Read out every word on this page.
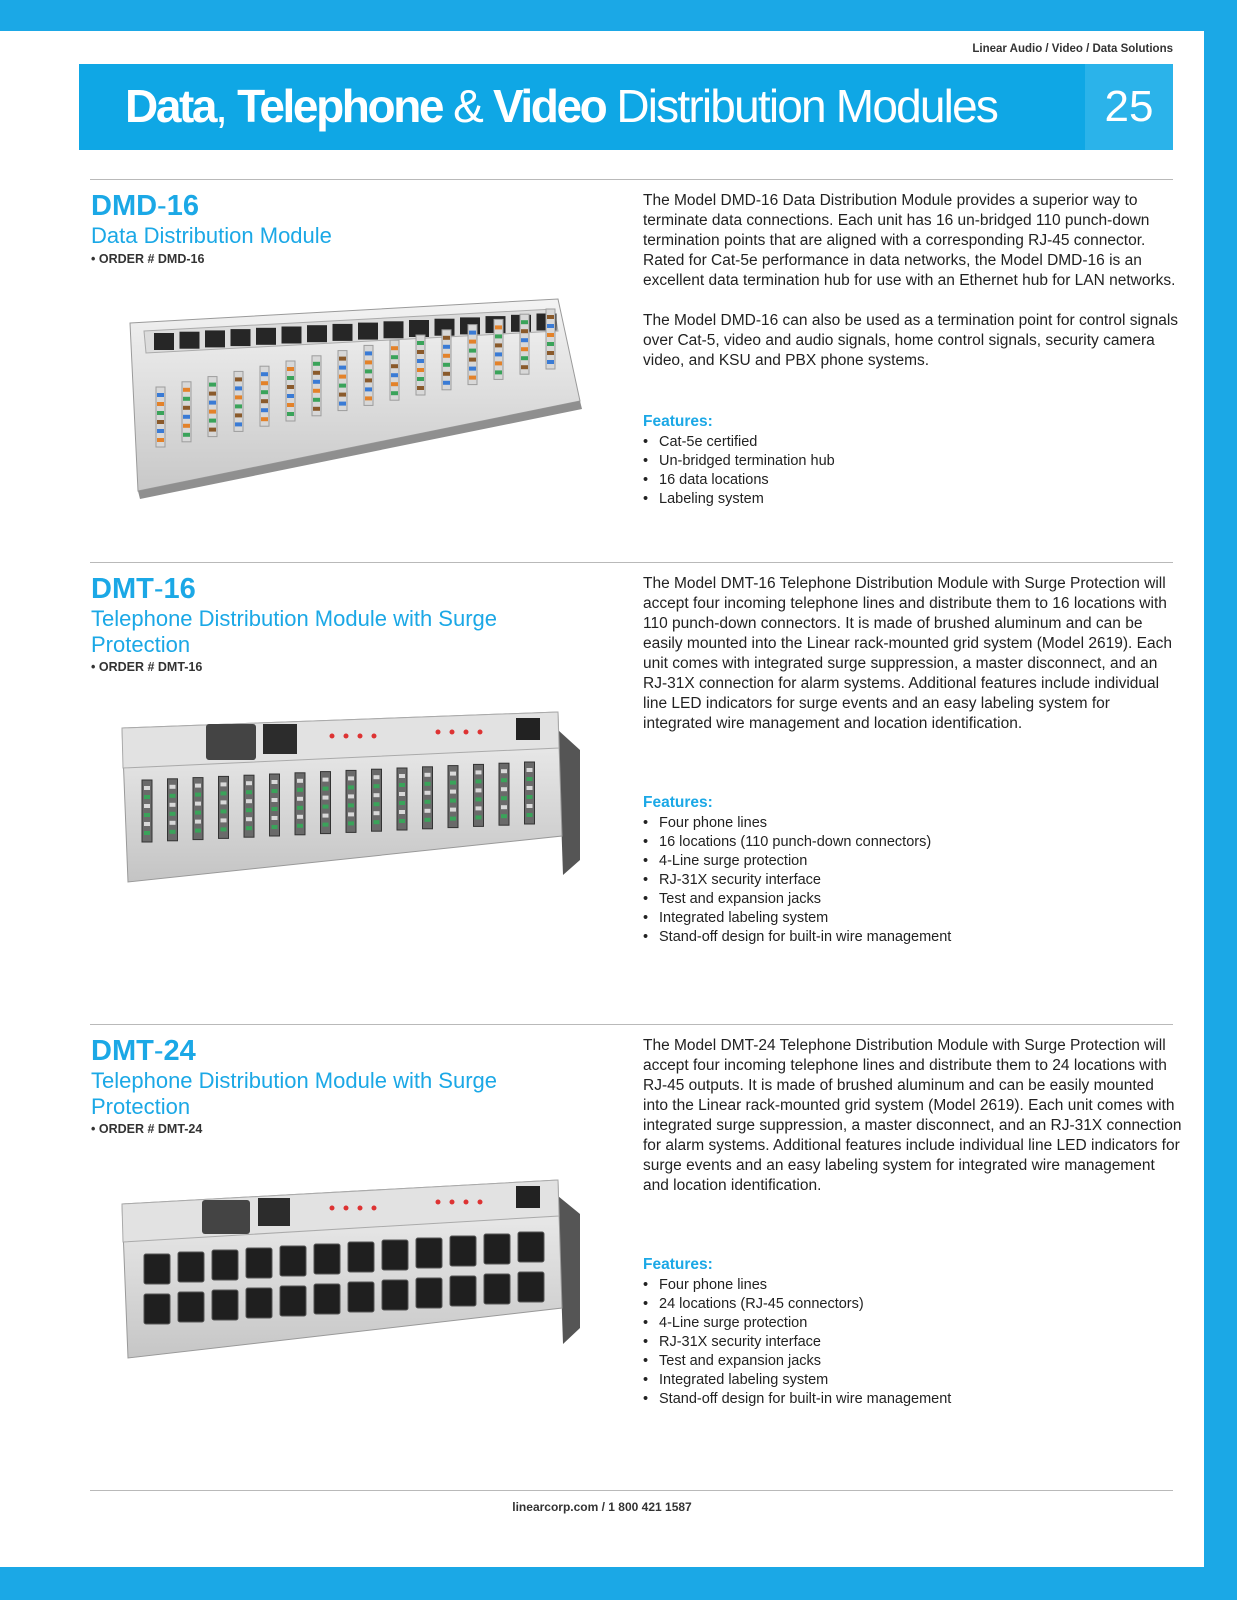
Linear Audio / Video / Data Solutions
Data, Telephone & Video Distribution Modules	25
DMD-16
Data Distribution Module
• ORDER # DMD-16

The Model DMD-16 Data Distribution Module provides a superior way to terminate data connections. Each unit has 16 un-bridged 110 punch-down termination points that are aligned with a corresponding RJ-45 connector. Rated for Cat-5e performance in data networks, the Model DMD-16 is an excellent data termination hub for use with an Ethernet hub for LAN networks.

The Model DMD-16 can also be used as a termination point for control signals over Cat-5, video and audio signals, home control signals, security camera video, and KSU and PBX phone systems.

Features:
• Cat-5e certified
• Un-bridged termination hub
• 16 data locations
• Labeling system
DMT-16
Telephone Distribution Module with Surge Protection
• ORDER # DMT-16

The Model DMT-16 Telephone Distribution Module with Surge Protection will accept four incoming telephone lines and distribute them to 16 locations with 110 punch-down connectors. It is made of brushed aluminum and can be easily mounted into the Linear rack-mounted grid system (Model 2619). Each unit comes with integrated surge suppression, a master disconnect, and an RJ-31X connection for alarm systems. Additional features include individual line LED indicators for surge events and an easy labeling system for integrated wire management and location identification.

Features:
• Four phone lines
• 16 locations (110 punch-down connectors)
• 4-Line surge protection
• RJ-31X security interface
• Test and expansion jacks
• Integrated labeling system
• Stand-off design for built-in wire management
DMT-24
Telephone Distribution Module with Surge Protection
• ORDER # DMT-24

The Model DMT-24 Telephone Distribution Module with Surge Protection will accept four incoming telephone lines and distribute them to 24 locations with RJ-45 outputs. It is made of brushed aluminum and can be easily mounted into the Linear rack-mounted grid system (Model 2619). Each unit comes with integrated surge suppression, a master disconnect, and an RJ-31X connection for alarm systems. Additional features include individual line LED indicators for surge events and an easy labeling system for integrated wire management and location identification.

Features:
• Four phone lines
• 24 locations (RJ-45 connectors)
• 4-Line surge protection
• RJ-31X security interface
• Test and expansion jacks
• Integrated labeling system
• Stand-off design for built-in wire management
linearcorp.com / 1 800 421 1587
